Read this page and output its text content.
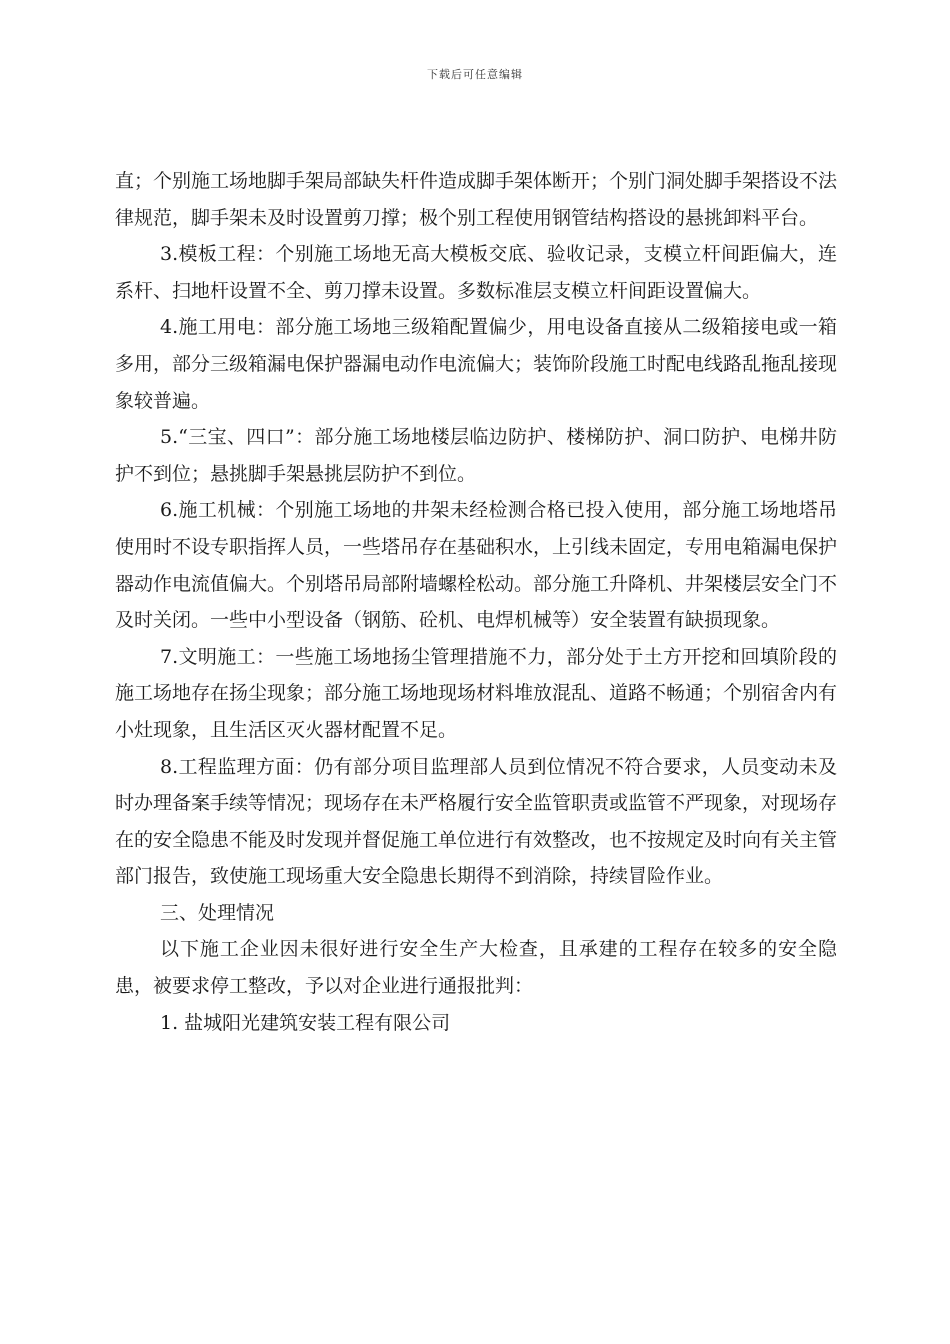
下载后可任意编辑

直；个别施工场地脚手架局部缺失杆件造成脚手架体断开；个别门洞处脚手架搭设不法律规范，脚手架未及时设置剪刀撑；极个别工程使用钢管结构搭设的悬挑卸料平台。

3.模板工程：个别施工场地无高大模板交底、验收记录，支模立杆间距偏大，连系杆、扫地杆设置不全、剪刀撑未设置。多数标准层支模立杆间距设置偏大。

4.施工用电：部分施工场地三级箱配置偏少，用电设备直接从二级箱接电或一箱多用，部分三级箱漏电保护器漏电动作电流偏大；装饰阶段施工时配电线路乱拖乱接现象较普遍。

5.“三宝、四口”：部分施工场地楼层临边防护、楼梯防护、洞口防护、电梯井防护不到位；悬挑脚手架悬挑层防护不到位。

6.施工机械：个别施工场地的井架未经检测合格已投入使用，部分施工场地塔吊使用时不设专职指挥人员，一些塔吊存在基础积水，上引线未固定，专用电箱漏电保护器动作电流值偏大。个别塔吊局部附墙螺栓松动。部分施工升降机、井架楼层安全门不及时关闭。一些中小型设备（钢筋、砼机、电焊机械等）安全装置有缺损现象。

7.文明施工：一些施工场地扬尘管理措施不力，部分处于土方开挖和回填阶段的施工场地存在扬尘现象；部分施工场地现场材料堆放混乱、道路不畅通；个别宿舍内有小灶现象，且生活区灭火器材配置不足。

8.工程监理方面：仍有部分项目监理部人员到位情况不符合要求，人员变动未及时办理备案手续等情况；现场存在未严格履行安全监管职责或监管不严现象，对现场存在的安全隐患不能及时发现并督促施工单位进行有效整改，也不按规定及时向有关主管部门报告，致使施工现场重大安全隐患长期得不到消除，持续冒险作业。

三、处理情况

以下施工企业因未很好进行安全生产大检查，且承建的工程存在较多的安全隐患，被要求停工整改，予以对企业进行通报批判：

1. 盐城阳光建筑安装工程有限公司
